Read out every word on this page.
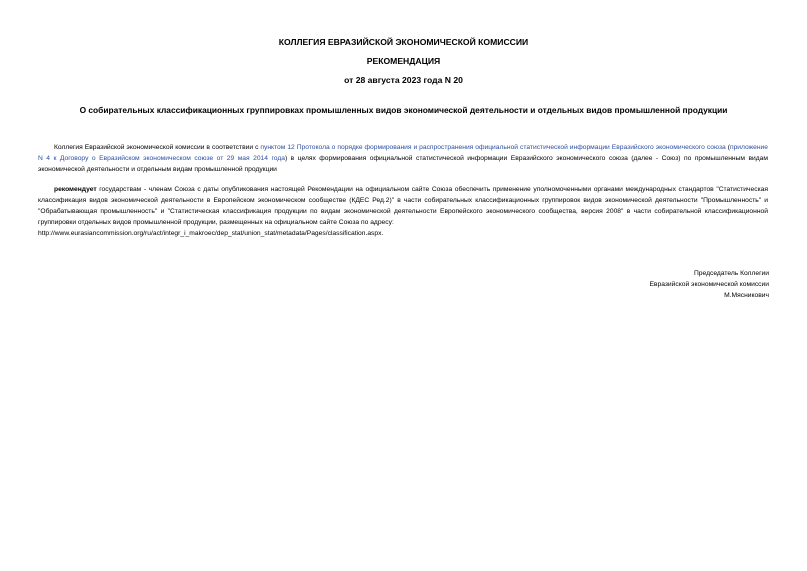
КОЛЛЕГИЯ ЕВРАЗИЙСКОЙ ЭКОНОМИЧЕСКОЙ КОМИССИИ
РЕКОМЕНДАЦИЯ
от 28 августа 2023 года N 20
О собирательных классификационных группировках промышленных видов экономической деятельности и отдельных видов промышленной продукции

Коллегия Евразийской экономической комиссии в соответствии с пунктом 12 Протокола о порядке формирования и распространения официальной статистической информации Евразийского экономического союза (приложение N 4 к Договору о Евразийском экономическом союзе от 29 мая 2014 года) в целях формирования официальной статистической информации Евразийского экономического союза (далее - Союз) по промышленным видам экономической деятельности и отдельным видам промышленной продукции

рекомендует государствам - членам Союза с даты опубликования настоящей Рекомендации на официальном сайте Союза обеспечить применение уполномоченными органами международных стандартов "Статистическая классификация видов экономической деятельности в Европейском экономическом сообществе (КДЕС Ред.2)" в части собирательных классификационных группировок видов экономической деятельности "Промышленность" и "Обрабатывающая промышленность" и "Статистическая классификация продукции по видам экономической деятельности Европейского экономического сообщества, версия 2008" в части собирательной классификационной группировки отдельных видов промышленной продукции, размещенных на официальном сайте Союза по адресу:
http://www.eurasiancommission.org/ru/act/integr_i_makroec/dep_stat/union_stat/metadata/Pages/classification.aspx.

Председатель Коллегии
Евразийской экономической комиссии
М.Мясникович
